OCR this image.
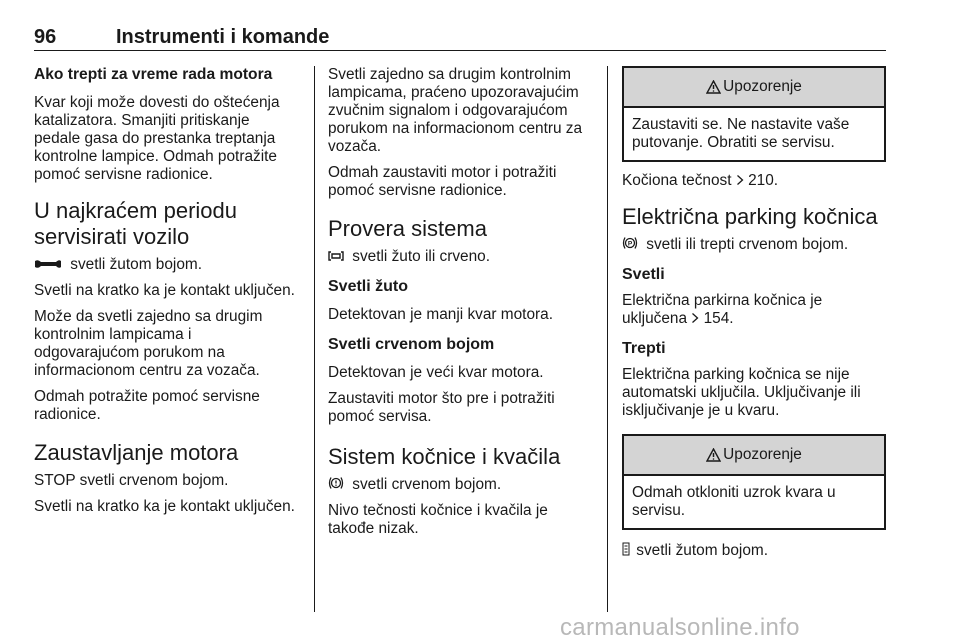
96	Instrumenti i komande
Ako trepti za vreme rada motora

Kvar koji može dovesti do oštećenja katalizatora. Smanjiti pritiskanje pedale gasa do prestanka treptanja kontrolne lampice. Odmah potražite pomoć servisne radionice.

U najkraćem periodu servisirati vozilo

svetli žutom bojom.

Svetli na kratko ka je kontakt uključen.

Može da svetli zajedno sa drugim kontrolnim lampicama i odgovarajućom porukom na informacionom centru za vozača.

Odmah potražite pomoć servisne radionice.

Zaustavljanje motora

STOP svetli crvenom bojom.

Svetli na kratko ka je kontakt uključen.

Svetli zajedno sa drugim kontrolnim lampicama, praćeno upozoravajućim zvučnim signalom i odgovarajućom porukom na informacionom centru za vozača.

Odmah zaustaviti motor i potražiti pomoć servisne radionice.

Provera sistema

svetli žuto ili crveno.

Svetli žuto

Detektovan je manji kvar motora.

Svetli crvenom bojom

Detektovan je veći kvar motora.

Zaustaviti motor što pre i potražiti pomoć servisa.

Sistem kočnice i kvačila

svetli crvenom bojom.

Nivo tečnosti kočnice i kvačila je takođe nizak.

Upozorenje

Zaustaviti se. Ne nastavite vaše putovanje. Obratiti se servisu.

Kočiona tečnost  210.

Električna parking kočnica

P svetli ili trepti crvenom bojom.

Svetli

Električna parkirna kočnica je uključena  154.

Trepti

Električna parking kočnica se nije automatski uključila. Uključivanje ili isključivanje je u kvaru.

Upozorenje

Odmah otkloniti uzrok kvara u servisu.

svetli žutom bojom.

carmanualsonline.info
